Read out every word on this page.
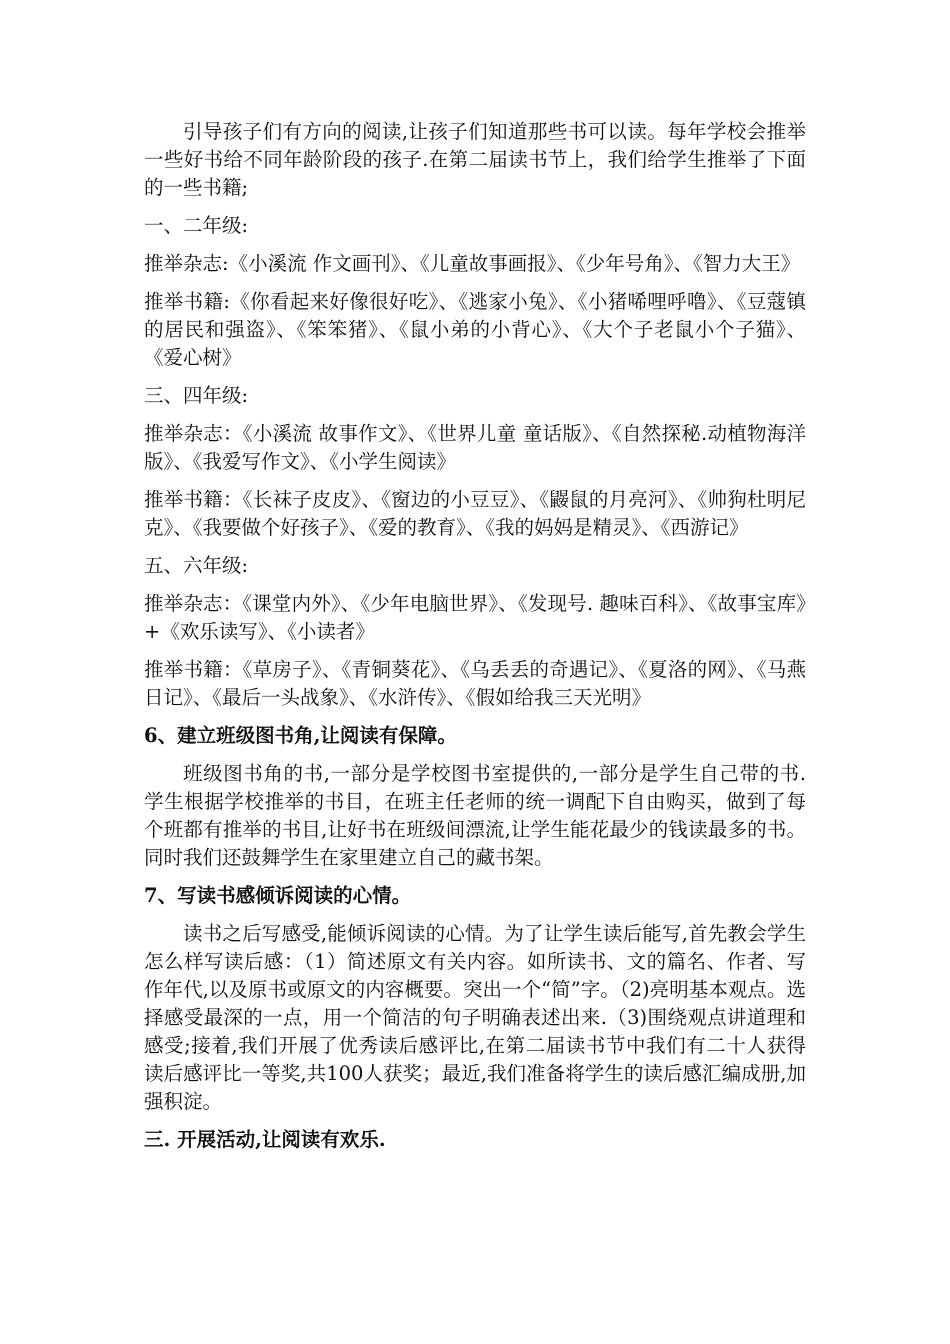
引导孩子们有方向的阅读,让孩子们知道那些书可以读。每年学校会推举一些好书给不同年龄阶段的孩子.在第二届读书节上，我们给学生推举了下面的一些书籍;

一、二年级:

推举杂志:《小溪流 作文画刊》、《儿童故事画报》、《少年号角》、《智力大王》

推举书籍:《你看起来好像很好吃》、《逃家小兔》、《小猪唏哩呼噜》、《豆蔻镇的居民和强盗》、《笨笨猪》、《鼠小弟的小背心》、《大个子老鼠小个子猫》、《爱心树》

三、四年级:

推举杂志：《小溪流 故事作文》、《世界儿童 童话版》、《自然探秘.动植物海洋版》、《我爱写作文》、《小学生阅读》

推举书籍：《长袜子皮皮》、《窗边的小豆豆》、《鼹鼠的月亮河》、《帅狗杜明尼克》、《我要做个好孩子》、《爱的教育》、《我的妈妈是精灵》、《西游记》

五、六年级:

推举杂志：《课堂内外》、《少年电脑世界》、《发现号. 趣味百科》、《故事宝库》+《欢乐读写》、《小读者》

推举书籍：《草房子》、《青铜葵花》、《乌丢丢的奇遇记》、《夏洛的网》、《马燕日记》、《最后一头战象》、《水浒传》、《假如给我三天光明》

6、建立班级图书角,让阅读有保障。

班级图书角的书,一部分是学校图书室提供的,一部分是学生自己带的书.学生根据学校推举的书目，在班主任老师的统一调配下自由购买，做到了每个班都有推举的书目,让好书在班级间漂流,让学生能花最少的钱读最多的书。同时我们还鼓舞学生在家里建立自己的藏书架。

7、写读书感倾诉阅读的心情。

读书之后写感受,能倾诉阅读的心情。为了让学生读后能写,首先教会学生怎么样写读后感：（1）简述原文有关内容。如所读书、文的篇名、作者、写作年代,以及原书或原文的内容概要。突出一个“简”字。（2)亮明基本观点。选择感受最深的一点，用一个简洁的句子明确表述出来.（3)围绕观点讲道理和感受;接着,我们开展了优秀读后感评比,在第二届读书节中我们有二十人获得读后感评比一等奖,共100人获奖；最近,我们准备将学生的读后感汇编成册,加强积淀。

三. 开展活动,让阅读有欢乐.
